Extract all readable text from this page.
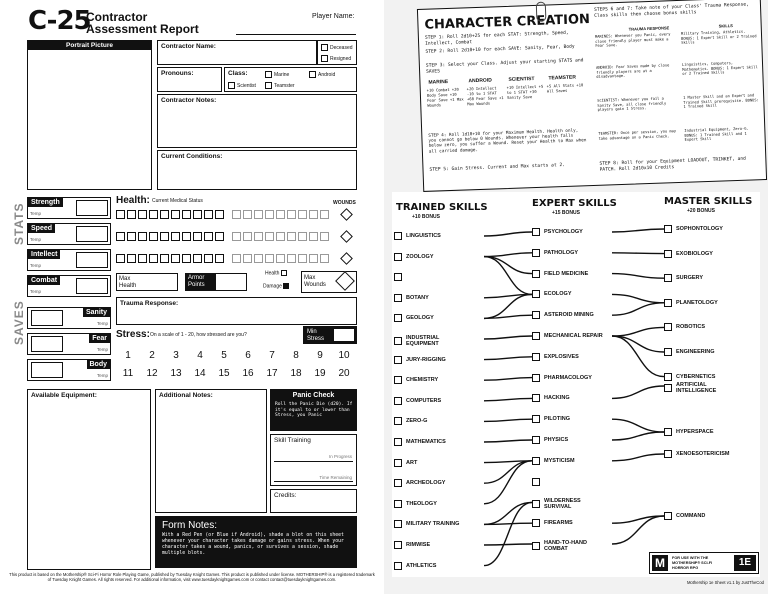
C-25
Contractor
Assessment Report
Player Name:
Portrait Picture	Contractor Name:	Deceased
Resigned
Pronouns:	Class:	Marine	Android
Scientist	Teamster
Contractor Notes:
Current Conditions:
STATS
SAVES
Strength
Temp
Speed
Temp
Intellect
Temp
Combat
Temp
Health: Current Medical Status	WOUNDS
Max Health
Armor Points
Health
Damage
Max Wounds
Trauma Response:
Sanity
Temp
Fear
Temp
Body
Temp
Stress: On a scale of 1 - 20, how stressed are you?	Min Stress
1	2	3	4	5	6	7	8	9	10
11 12 13 14 15 16 17 18 19 20
Available Equipment:	Additional Notes:	Panic Check
Roll the Panic Die (d20). If it's equal to or lower than Stress, you Panic
Skill Training
In Progress
Time Remaining
Credits:
Form Notes:
With a Red Pen (or Blue if Android), shade a blot on this sheet whenever your character takes damage or gains stress. When your character takes a wound, panics, or survives a session, shade multiple blots.
This product is based on the Mothership® Sci-Fi Horror Role Playing Game, published by Tuesday Knight Games. This product is published under license. MOTHERSHIP® is a registered trademark of Tuesday Knight Games. All rights reserved. For additional information, visit www.tuesdayknightgames.com or contact contact@tuesdayknightgames.com.
CHARACTER CREATION
STEP 1: Roll 2d10+25 for each STAT: Strength, Speed, Intellect, Combat
STEP 2: Roll 2d10+10 for each SAVE: Sanity, Fear, Body
STEP 3: Select your Class. Adjust your starting STATS and SAVES
MARINE	ANDROID	SCIENTIST	TEAMSTER
+10 Combat +20 Body Save +10 Fear Save +1 Max Wounds
+20 Intellect -10 to 1 STAT +60 Fear Save +1 Max Wounds
+10 Intellect +5 to 1 STAT +30 Sanity Save
+5 All Stats +10 All Saves
STEP 4: Roll 1d10+10 for your Maximum Health. Health only, you cannot go below 0 Wounds. Whenever your health falls below zero, you suffer a Wound. Reset your Health to Max when all carried damage.
STEP 5: Gain Stress. Current and Max starts at 2.
STEPS 6 and 7: Take note of your Class' Trauma Response, Class skills then choose bonus skills
TRAUMA RESPONSE	SKILLS
MARINES: Whenever you Panic, every close friendly player must make a Fear Save.
Military Training, Athletics. BONUS: 1 Expert Skill or 2 Trained Skills
ANDROID: Fear Saves made by close friendly players are at a disadvantage.
Linguistics, Computers, Mathematics. BONUS: 1 Expert Skill or 2 Trained Skills
SCIENTIST: Whenever you fail a Sanity Save, all close friendly players gain 1 Stress.
1 Master Skill and an Expert and Trained Skill prerequisite. BONUS: 1 Trained Skill
TEAMSTER: Once per session, you may take advantage on a Panic Check.
Industrial Equipment, Zero-G. BONUS: 1 Trained Skill and 1 Expert Skill
STEP 8: Roll for your Equipment LOADOUT, TRINKET, and PATCH. Roll 2d10x10 Credits
TRAINED SKILLS
+10 BONUS
EXPERT SKILLS
+15 BONUS
MASTER SKILLS
+20 BONUS
LINGUISTICS
ZOOLOGY
BOTANY
GEOLOGY
INDUSTRIAL EQUIPMENT
JURY-RIGGING
CHEMISTRY
COMPUTERS
ZERO-G
MATHEMATICS
ART
ARCHEOLOGY
THEOLOGY
MILITARY TRAINING
RIMWISE
ATHLETICS
PSYCHOLOGY
PATHOLOGY
FIELD MEDICINE
ECOLOGY
ASTEROID MINING
MECHANICAL REPAIR
EXPLOSIVES
PHARMACOLOGY
HACKING
PILOTING
PHYSICS
MYSTICISM
WILDERNESS SURVIVAL
FIREARMS
HAND-TO-HAND COMBAT
SOPHONTOLOGY
EXOBIOLOGY
SURGERY
PLANETOLOGY
ROBOTICS
ENGINEERING
CYBERNETICS
ARTIFICIAL INTELLIGENCE
HYPERSPACE
XENOESOTERICISM
COMMAND
M	FOR USE WITH THE MOTHERSHIP® SCI-FI HORROR RPG	1E
Mothership 1e Sheet v1.1 by JustTheCod
